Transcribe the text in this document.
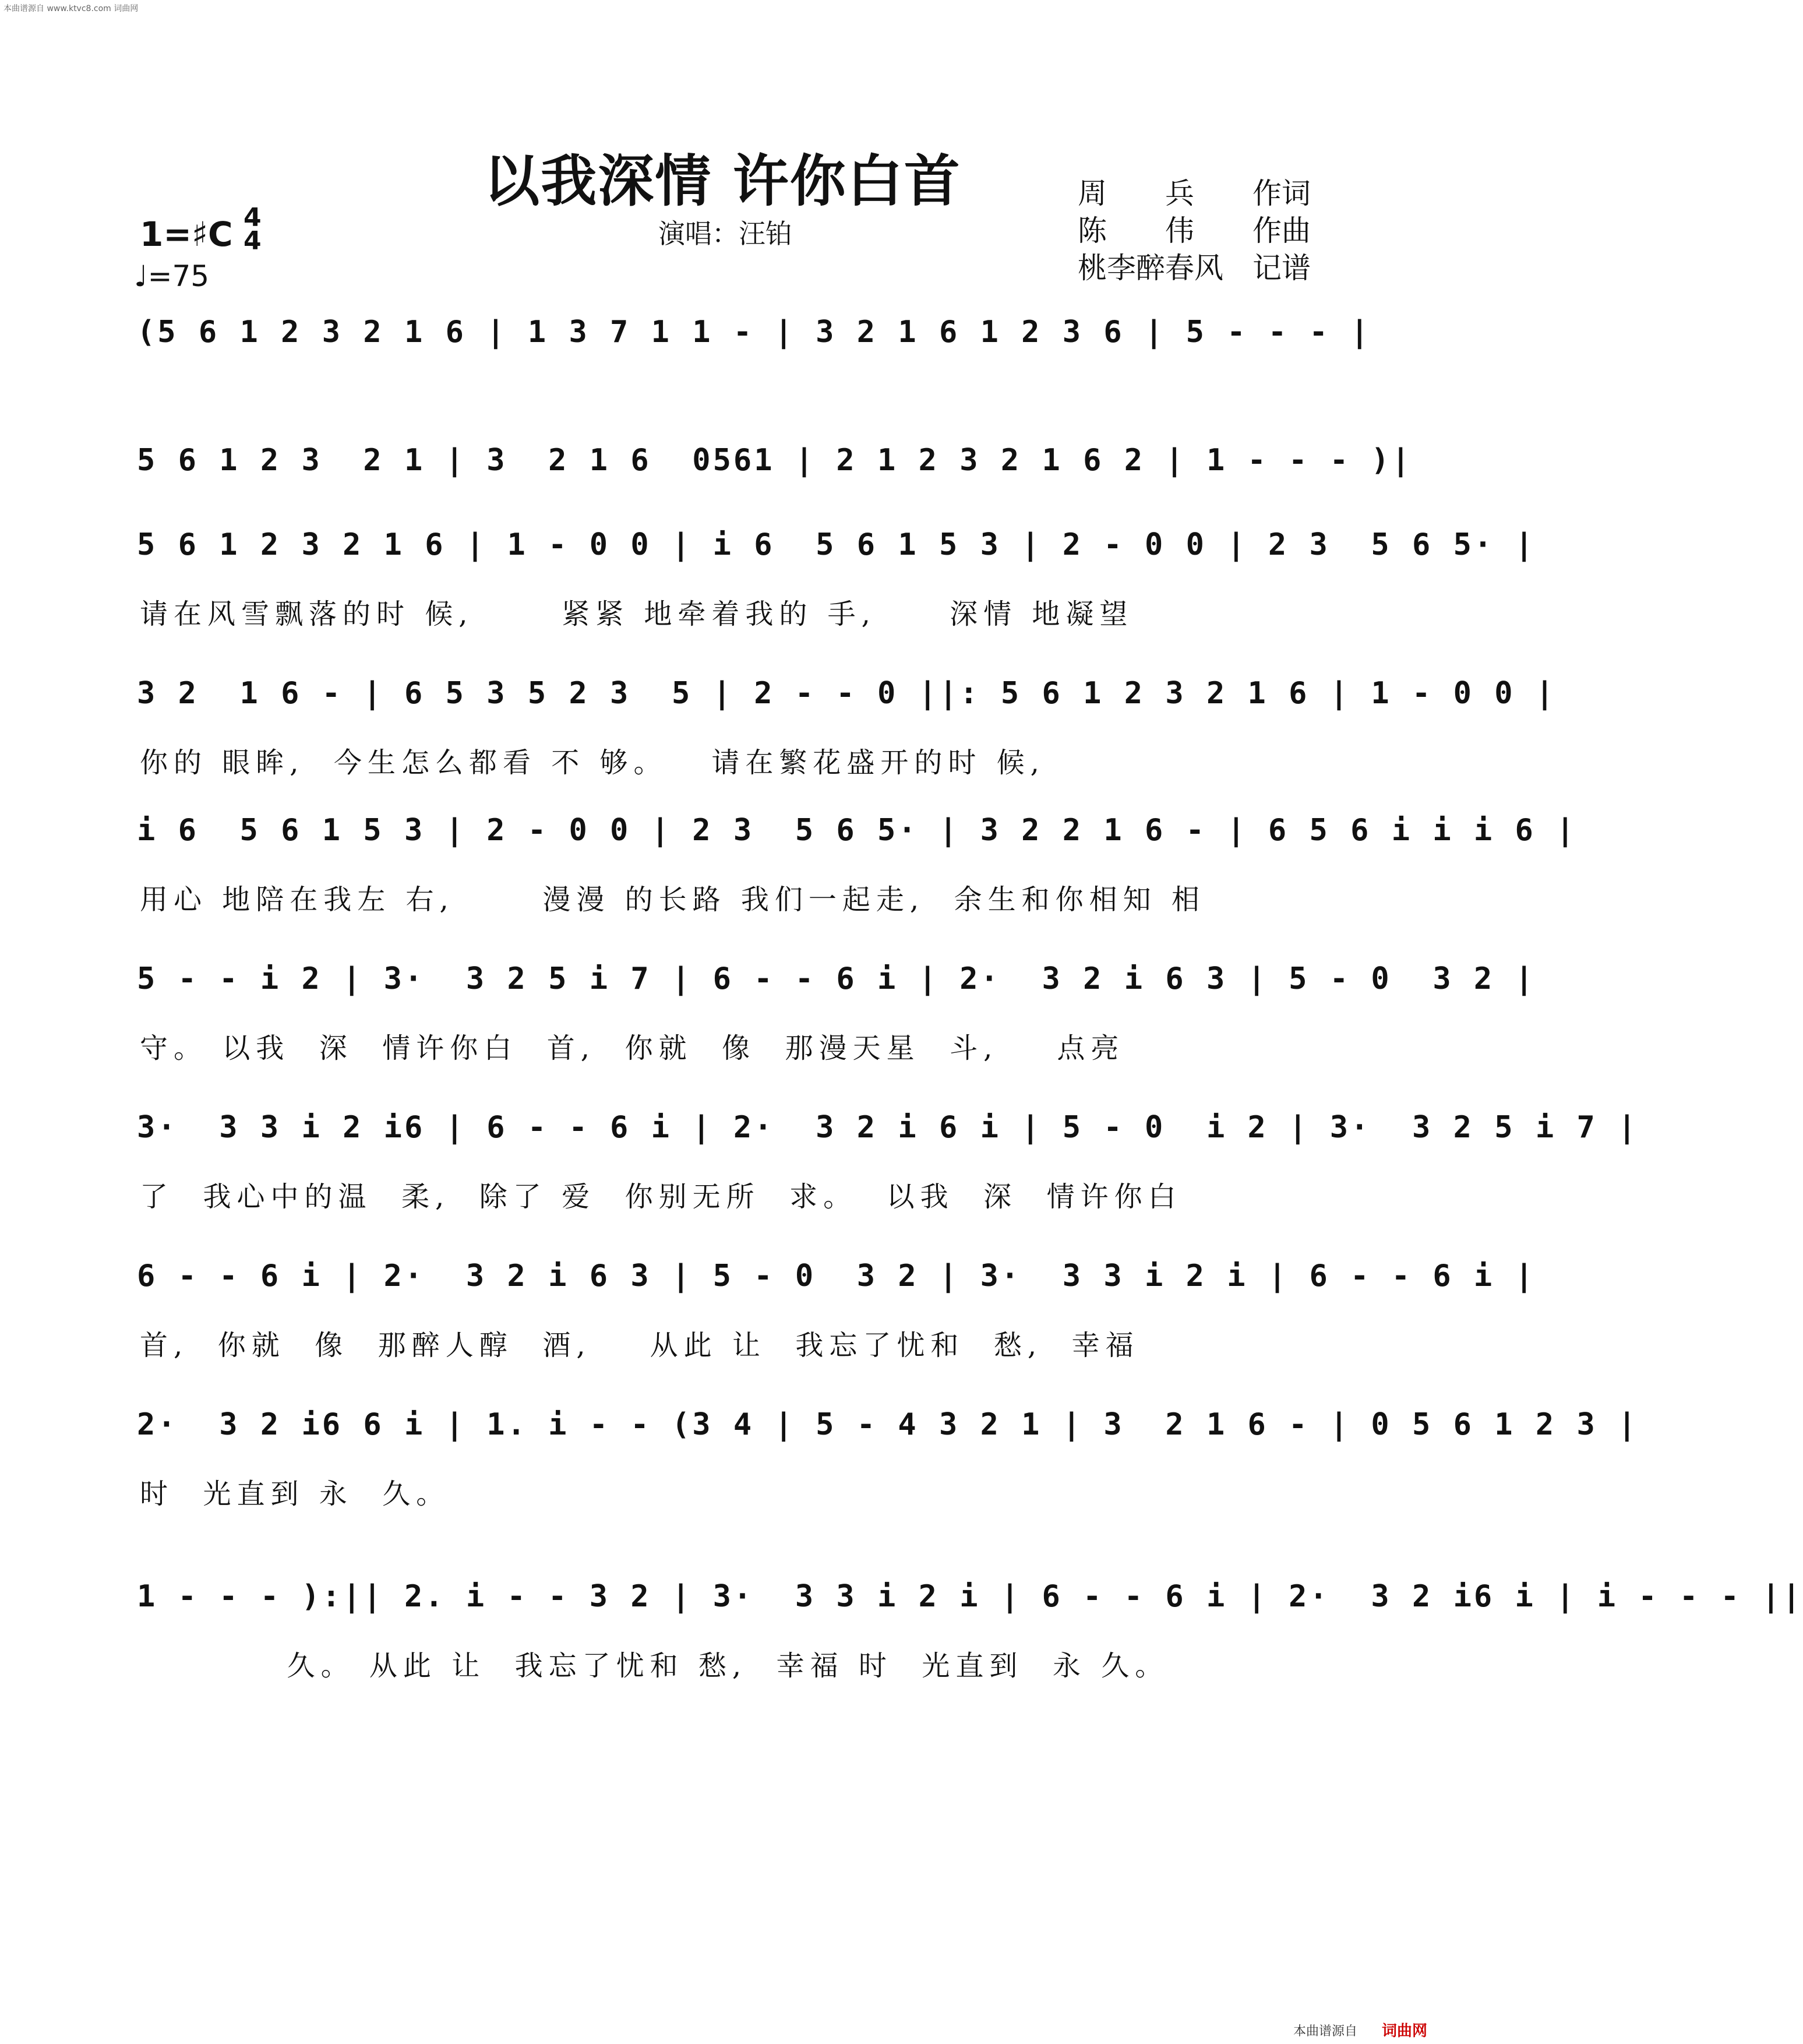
本曲谱源自 www.ktvc8.com 词曲网
以我深情 许你白首
演唱：汪铂
周　　兵 作词
陈　　伟 作曲
桃李醉春风 记谱
1=♯C 4
4
♩=75
(5 6 1 2 3 2 1 6 | 1 3 7 1 1 - | 3 2 1 6 1 2 3 6 | 5 - - - |
5 6 1 2 3  2 1 | 3  2 1 6  0561 | 2 1 2 3 2 1 6 2 | 1 - - - )|
5 6 1 2 3 2 1 6 | 1 - 0 0 | i 6  5 6 1 5 3 | 2 - 0 0 | 2 3  5 6 5· |
请在风雪飘落的时 候,      紧紧 地牵着我的 手,     深情 地凝望
3 2  1 6 - | 6 5 3 5 2 3  5 | 2 - - 0 ||: 5 6 1 2 3 2 1 6 | 1 - 0 0 |
你的 眼眸,  今生怎么都看 不 够。   请在繁花盛开的时 候,
i 6  5 6 1 5 3 | 2 - 0 0 | 2 3  5 6 5· | 3 2 2 1 6 - | 6 5 6 i i i 6 |
用心 地陪在我左 右,      漫漫 的长路 我们一起走,  余生和你相知 相
5 - - i 2 | 3·  3 2 5 i 7 | 6 - - 6 i | 2·  3 2 i 6 3 | 5 - 0  3 2 |
守。 以我  深  情许你白  首,  你就  像  那漫天星  斗,    点亮
3·  3 3 i 2 i6 | 6 - - 6 i | 2·  3 2 i 6 i | 5 - 0  i 2 | 3·  3 2 5 i 7 |
了  我心中的温  柔,  除了 爱  你别无所  求。  以我  深  情许你白
6 - - 6 i | 2·  3 2 i 6 3 | 5 - 0  3 2 | 3·  3 3 i 2 i | 6 - - 6 i |
首,  你就  像  那醉人醇  酒,    从此 让  我忘了忧和  愁,  幸福
2·  3 2 i6 6 i | 1. i - - (3 4 | 5 - 4 3 2 1 | 3  2 1 6 - | 0 5 6 1 2 3 |
时  光直到 永  久。
1 - - - ):|| 2. i - - 3 2 | 3·  3 3 i 2 i | 6 - - 6 i | 2·  3 2 i6 i | i - - - ||
久。 从此 让  我忘了忧和 愁,  幸福 时  光直到  永 久。
本曲谱源自 词曲网
